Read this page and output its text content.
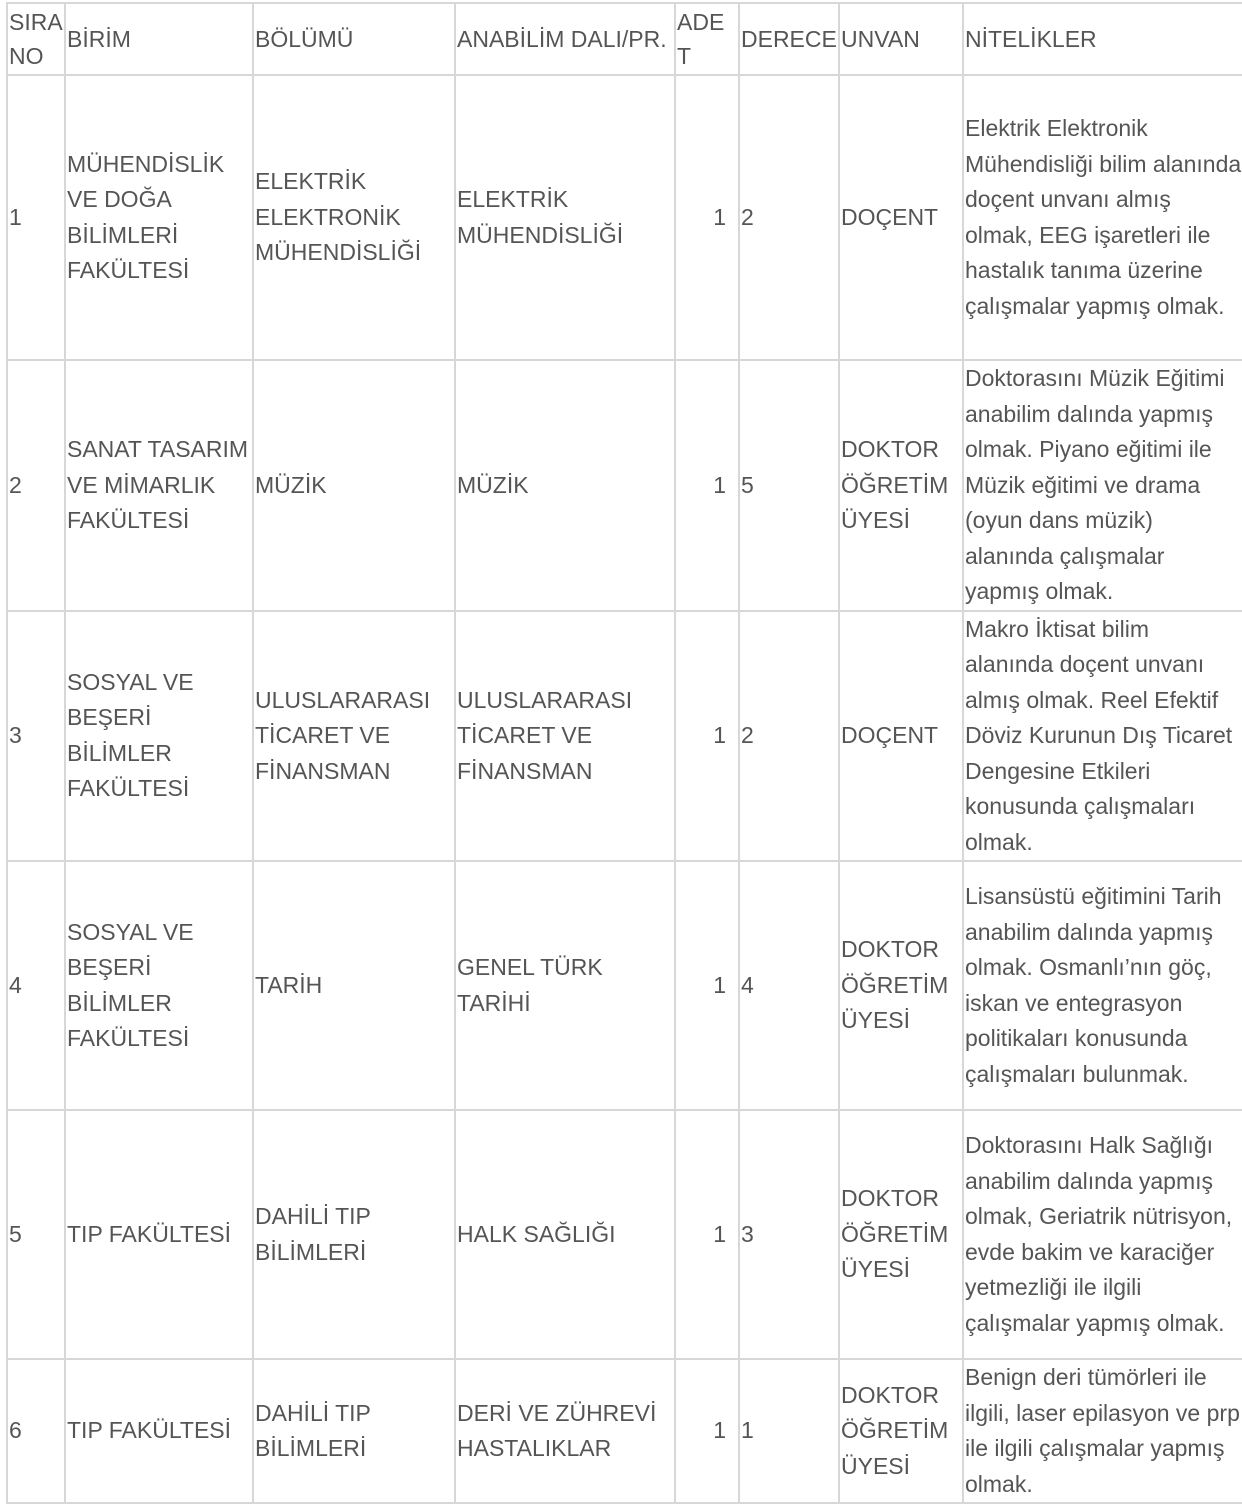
SIRA NO	BİRİM	BÖLÜMÜ	ANABİLİM DALI/PR.	ADET	DERECE	UNVAN	NİTELİKLER
1	MÜHENDİSLİK VE DOĞA BİLİMLERİ FAKÜLTESİ	ELEKTRİK ELEKTRONİK MÜHENDİSLİĞİ	ELEKTRİK MÜHENDİSLİĞİ	1	2	DOÇENT	Elektrik Elektronik Mühendisliği bilim alanında doçent unvanı almış olmak, EEG işaretleri ile hastalık tanıma üzerine çalışmalar yapmış olmak.
2	SANAT TASARIM VE MİMARLIK FAKÜLTESİ	MÜZİK	MÜZİK	1	5	DOKTOR ÖĞRETİM ÜYESİ	Doktorasını Müzik Eğitimi anabilim dalında yapmış olmak. Piyano eğitimi ile Müzik eğitimi ve drama (oyun dans müzik) alanında çalışmalar yapmış olmak.
3	SOSYAL VE BEŞERİ BİLİMLER FAKÜLTESİ	ULUSLARARASI TİCARET VE FİNANSMAN	ULUSLARARASI TİCARET VE FİNANSMAN	1	2	DOÇENT	Makro İktisat bilim alanında doçent unvanı almış olmak. Reel Efektif Döviz Kurunun Dış Ticaret Dengesine Etkileri konusunda çalışmaları olmak.
4	SOSYAL VE BEŞERİ BİLİMLER FAKÜLTESİ	TARİH	GENEL TÜRK TARİHİ	1	4	DOKTOR ÖĞRETİM ÜYESİ	Lisansüstü eğitimini Tarih anabilim dalında yapmış olmak. Osmanlı’nın göç, iskan ve entegrasyon politikaları konusunda çalışmaları bulunmak.
5	TIP FAKÜLTESİ	DAHİLİ TIP BİLİMLERİ	HALK SAĞLIĞI	1	3	DOKTOR ÖĞRETİM ÜYESİ	Doktorasını Halk Sağlığı anabilim dalında yapmış olmak, Geriatrik nütrisyon, evde bakim ve karaciğer yetmezliği ile ilgili çalışmalar yapmış olmak.
6	TIP FAKÜLTESİ	DAHİLİ TIP BİLİMLERİ	DERİ VE ZÜHREVİ HASTALIKLAR	1	1	DOKTOR ÖĞRETİM ÜYESİ	Benign deri tümörleri ile ilgili, laser epilasyon ve prp ile ilgili çalışmalar yapmış olmak.
